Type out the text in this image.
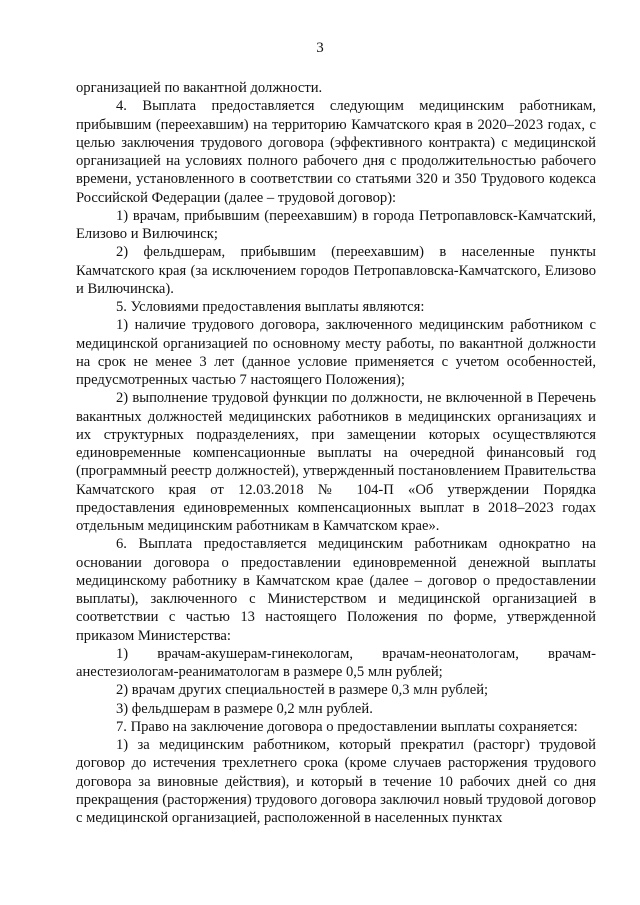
3

организацией по вакантной должности.

4. Выплата предоставляется следующим медицинским работникам, прибывшим (переехавшим) на территорию Камчатского края в 2020–2023 годах, с целью заключения трудового договора (эффективного контракта) с медицинской организацией на условиях полного рабочего дня с продолжительностью рабочего времени, установленного в соответствии со статьями 320 и 350 Трудового кодекса Российской Федерации (далее – трудовой договор):

1) врачам, прибывшим (переехавшим) в города Петропавловск-Камчатский, Елизово и Вилючинск;

2) фельдшерам, прибывшим (переехавшим) в населенные пункты Камчатского края (за исключением городов Петропавловска-Камчатского, Елизово и Вилючинска).

5. Условиями предоставления выплаты являются:

1) наличие трудового договора, заключенного медицинским работником с медицинской организацией по основному месту работы, по вакантной должности на срок не менее 3 лет (данное условие применяется с учетом особенностей, предусмотренных частью 7 настоящего Положения);

2) выполнение трудовой функции по должности, не включенной в Перечень вакантных должностей медицинских работников в медицинских организациях и их структурных подразделениях, при замещении которых осуществляются единовременные компенсационные выплаты на очередной финансовый год (программный реестр должностей), утвержденный постановлением Правительства Камчатского края от 12.03.2018 № 104-П «Об утверждении Порядка предоставления единовременных компенсационных выплат в 2018–2023 годах отдельным медицинским работникам в Камчатском крае».

6. Выплата предоставляется медицинским работникам однократно на основании договора о предоставлении единовременной денежной выплаты медицинскому работнику в Камчатском крае (далее – договор о предоставлении выплаты), заключенного с Министерством и медицинской организацией в соответствии с частью 13 настоящего Положения по форме, утвержденной приказом Министерства:

1) врачам-акушерам-гинекологам, врачам-неонатологам, врачам-анестезиологам-реаниматологам в размере 0,5 млн рублей;

2) врачам других специальностей в размере 0,3 млн рублей;

3) фельдшерам в размере 0,2 млн рублей.

7. Право на заключение договора о предоставлении выплаты сохраняется:

1) за медицинским работником, который прекратил (расторг) трудовой договор до истечения трехлетнего срока (кроме случаев расторжения трудового договора за виновные действия), и который в течение 10 рабочих дней со дня прекращения (расторжения) трудового договора заключил новый трудовой договор с медицинской организацией, расположенной в населенных пунктах
